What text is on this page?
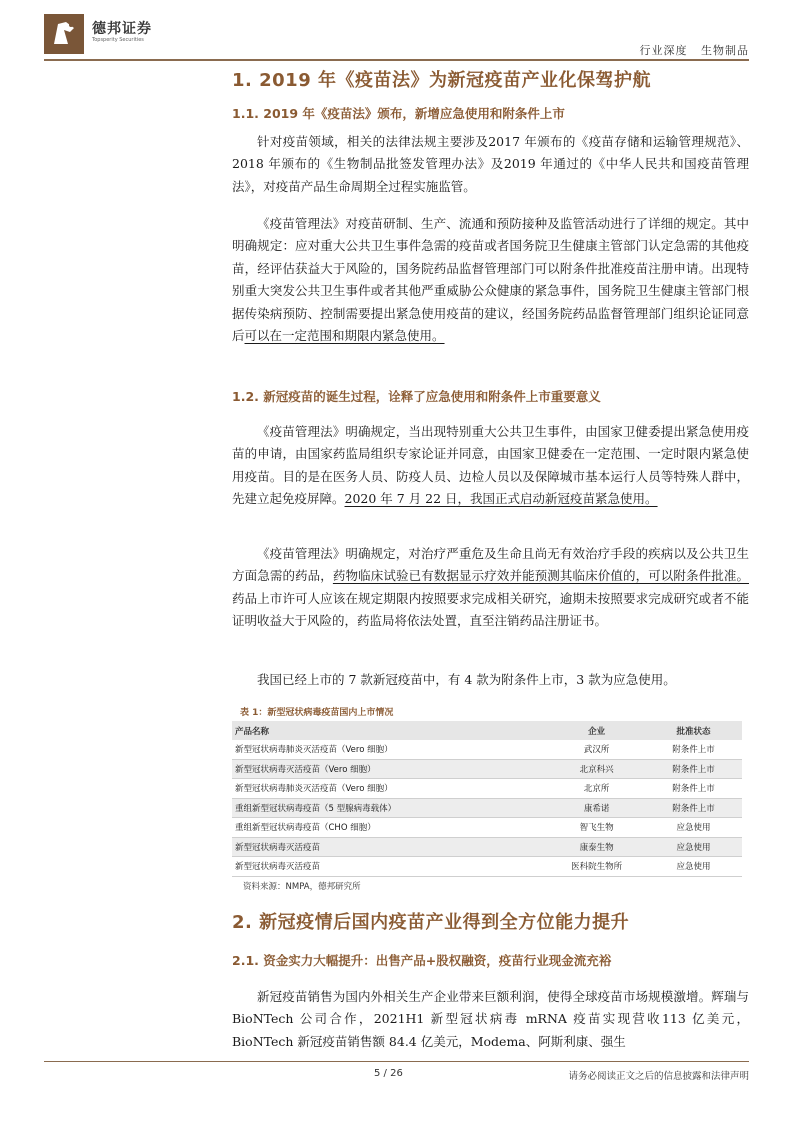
德邦证券
Topsperity Securities
行业深度   生物制品
1. 2019 年《疫苗法》为新冠疫苗产业化保驾护航
1.1. 2019 年《疫苗法》颁布，新增应急使用和附条件上市

针对疫苗领域，相关的法律法规主要涉及2017 年颁布的《疫苗存储和运输管理规范》、2018 年颁布的《生物制品批签发管理办法》及2019 年通过的《中华人民共和国疫苗管理法》，对疫苗产品生命周期全过程实施监管。

《疫苗管理法》对疫苗研制、生产、流通和预防接种及监管活动进行了详细的规定。其中明确规定：应对重大公共卫生事件急需的疫苗或者国务院卫生健康主管部门认定急需的其他疫苗，经评估获益大于风险的，国务院药品监督管理部门可以附条件批准疫苗注册申请。出现特别重大突发公共卫生事件或者其他严重威胁公众健康的紧急事件，国务院卫生健康主管部门根据传染病预防、控制需要提出紧急使用疫苗的建议，经国务院药品监督管理部门组织论证同意后可以在一定范围和期限内紧急使用。

1.2. 新冠疫苗的诞生过程，诠释了应急使用和附条件上市重要意义

《疫苗管理法》明确规定，当出现特别重大公共卫生事件，由国家卫健委提出紧急使用疫苗的申请，由国家药监局组织专家论证并同意，由国家卫健委在一定范围、一定时限内紧急使用疫苗。目的是在医务人员、防疫人员、边检人员以及保障城市基本运行人员等特殊人群中，先建立起免疫屏障。2020 年 7 月 22 日，我国正式启动新冠疫苗紧急使用。

《疫苗管理法》明确规定，对治疗严重危及生命且尚无有效治疗手段的疾病以及公共卫生方面急需的药品，药物临床试验已有数据显示疗效并能预测其临床价值的，可以附条件批准。药品上市许可人应该在规定期限内按照要求完成相关研究，逾期未按照要求完成研究或者不能证明收益大于风险的，药监局将依法处置，直至注销药品注册证书。

我国已经上市的 7 款新冠疫苗中，有 4 款为附条件上市，3 款为应急使用。

表 1：新型冠状病毒疫苗国内上市情况
产品名称	企业	批准状态
新型冠状病毒肺炎灭活疫苗（Vero 细胞）	武汉所	附条件上市
新型冠状病毒灭活疫苗（Vero 细胞）	北京科兴	附条件上市
新型冠状病毒肺炎灭活疫苗（Vero 细胞）	北京所	附条件上市
重组新型冠状病毒疫苗（5 型腺病毒载体）	康希诺	附条件上市
重组新型冠状病毒疫苗（CHO 细胞）	智飞生物	应急使用
新型冠状病毒灭活疫苗	康泰生物	应急使用
新型冠状病毒灭活疫苗	医科院生物所	应急使用
资料来源：NMPA，德邦研究所
2. 新冠疫情后国内疫苗产业得到全方位能力提升
2.1. 资金实力大幅提升：出售产品+股权融资，疫苗行业现金流充裕

新冠疫苗销售为国内外相关生产企业带来巨额利润，使得全球疫苗市场规模激增。辉瑞与 BioNTech 公司合作，2021H1 新型冠状病毒 mRNA 疫苗实现营收113 亿美元，BioNTech 新冠疫苗销售额 84.4 亿美元，Modema、阿斯利康、强生

5 / 26	请务必阅读正文之后的信息披露和法律声明
